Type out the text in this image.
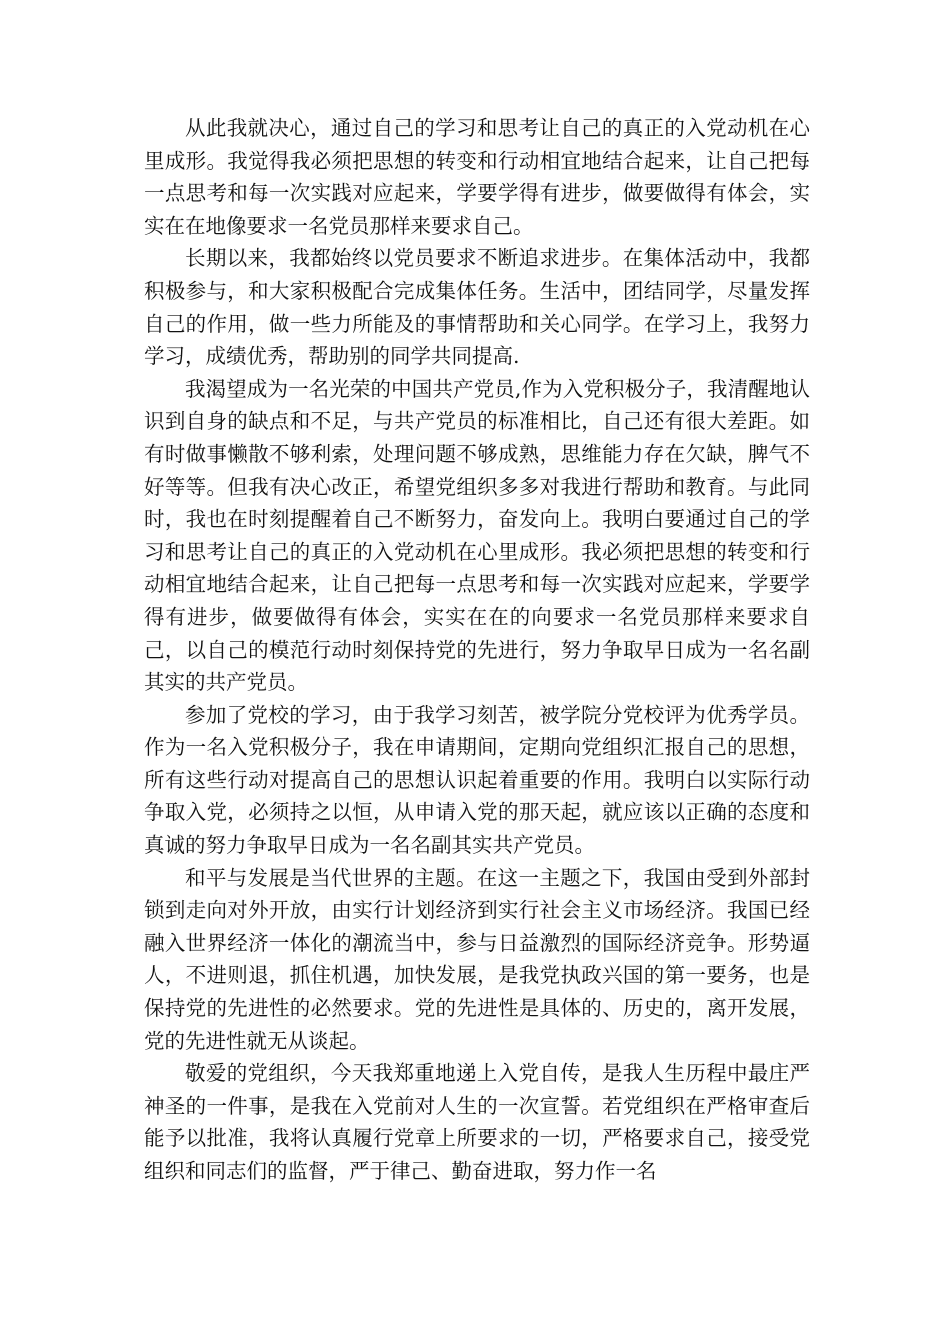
从此我就决心，通过自己的学习和思考让自己的真正的入党动机在心里成形。我觉得我必须把思想的转变和行动相宜地结合起来，让自己把每一点思考和每一次实践对应起来，学要学得有进步，做要做得有体会，实实在在地像要求一名党员那样来要求自己。

长期以来，我都始终以党员要求不断追求进步。在集体活动中，我都积极参与，和大家积极配合完成集体任务。生活中，团结同学，尽量发挥自己的作用，做一些力所能及的事情帮助和关心同学。在学习上，我努力学习，成绩优秀，帮助别的同学共同提高.

我渴望成为一名光荣的中国共产党员,作为入党积极分子，我清醒地认识到自身的缺点和不足，与共产党员的标准相比，自己还有很大差距。如有时做事懒散不够利索，处理问题不够成熟，思维能力存在欠缺，脾气不好等等。但我有决心改正，希望党组织多多对我进行帮助和教育。与此同时，我也在时刻提醒着自己不断努力，奋发向上。我明白要通过自己的学习和思考让自己的真正的入党动机在心里成形。我必须把思想的转变和行动相宜地结合起来，让自己把每一点思考和每一次实践对应起来，学要学得有进步，做要做得有体会，实实在在的向要求一名党员那样来要求自己，以自己的模范行动时刻保持党的先进行，努力争取早日成为一名名副其实的共产党员。

参加了党校的学习，由于我学习刻苦，被学院分党校评为优秀学员。作为一名入党积极分子，我在申请期间，定期向党组织汇报自己的思想，所有这些行动对提高自己的思想认识起着重要的作用。我明白以实际行动争取入党，必须持之以恒，从申请入党的那天起，就应该以正确的态度和真诚的努力争取早日成为一名名副其实共产党员。

和平与发展是当代世界的主题。在这一主题之下，我国由受到外部封锁到走向对外开放，由实行计划经济到实行社会主义市场经济。我国已经融入世界经济一体化的潮流当中，参与日益激烈的国际经济竞争。形势逼人，不进则退，抓住机遇，加快发展，是我党执政兴国的第一要务，也是保持党的先进性的必然要求。党的先进性是具体的、历史的，离开发展，党的先进性就无从谈起。

敬爱的党组织，今天我郑重地递上入党自传，是我人生历程中最庄严神圣的一件事，是我在入党前对人生的一次宣誓。若党组织在严格审查后能予以批准，我将认真履行党章上所要求的一切，严格要求自己，接受党组织和同志们的监督，严于律己、勤奋进取，努力作一名
